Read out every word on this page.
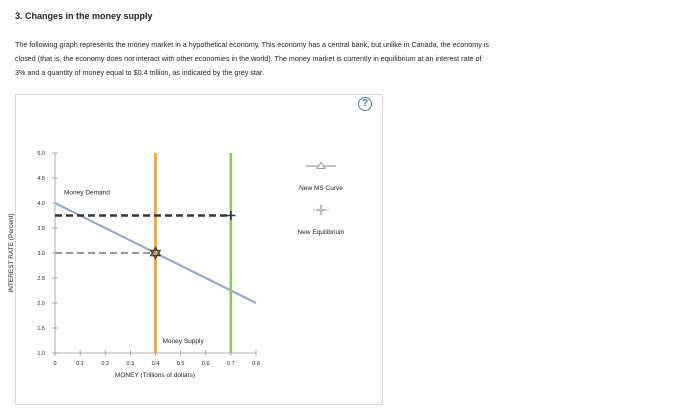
3. Changes in the money supply
The following graph represents the money market in a hypothetical economy. This economy has a central bank, but unlike in Canada, the economy is
closed (that is, the economy does not interact with other economies in the world). The money market is currently in equilibrium at an interest rate of
3% and a quantity of money equal to $0.4 trillion, as indicated by the grey star.
?
0	0.1	0.2	0.3	0.4	0.5	0.6	0.7	0.8
1.0
1.5
2.0
2.5
3.0
3.5
4.0
4.5
5.0
MONEY (Trillions of dollars)
INTEREST RATE (Percent)
Money Demand
Money Supply
New MS Curve
New Equilibrium
